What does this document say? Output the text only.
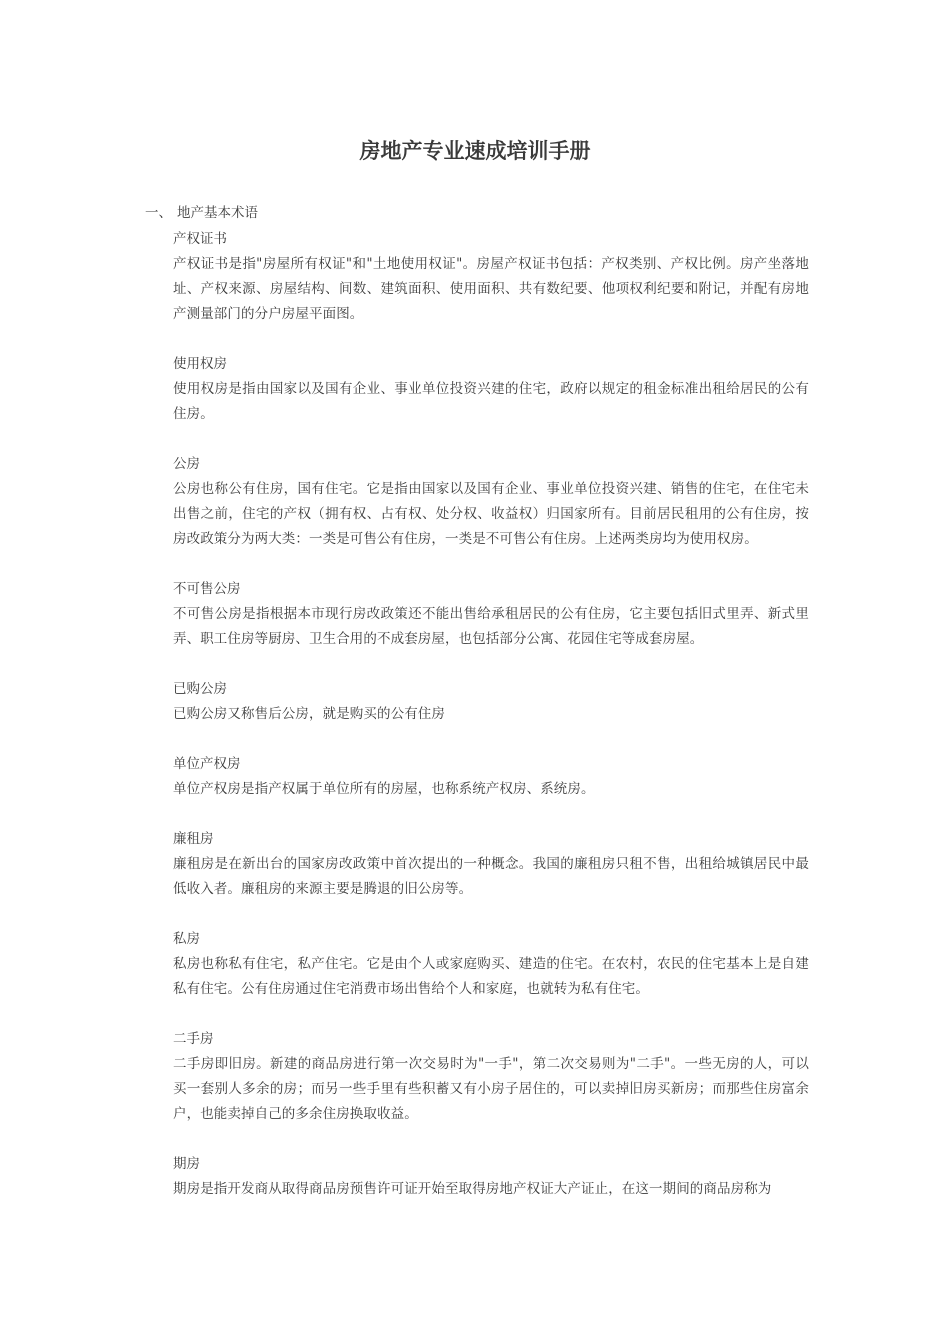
房地产专业速成培训手册

一、 地产基本术语

产权证书

产权证书是指"房屋所有权证"和"土地使用权证"。房屋产权证书包括：产权类别、产权比例。房产坐落地址、产权来源、房屋结构、间数、建筑面积、使用面积、共有数纪要、他项权利纪要和附记，并配有房地产测量部门的分户房屋平面图。

使用权房

使用权房是指由国家以及国有企业、事业单位投资兴建的住宅，政府以规定的租金标准出租给居民的公有住房。

公房

公房也称公有住房，国有住宅。它是指由国家以及国有企业、事业单位投资兴建、销售的住宅，在住宅未出售之前，住宅的产权（拥有权、占有权、处分权、收益权）归国家所有。目前居民租用的公有住房，按房改政策分为两大类：一类是可售公有住房，一类是不可售公有住房。上述两类房均为使用权房。

不可售公房

不可售公房是指根据本市现行房改政策还不能出售给承租居民的公有住房，它主要包括旧式里弄、新式里弄、职工住房等厨房、卫生合用的不成套房屋，也包括部分公寓、花园住宅等成套房屋。

已购公房

已购公房又称售后公房，就是购买的公有住房

单位产权房

单位产权房是指产权属于单位所有的房屋，也称系统产权房、系统房。

廉租房

廉租房是在新出台的国家房改政策中首次提出的一种概念。我国的廉租房只租不售，出租给城镇居民中最低收入者。廉租房的来源主要是腾退的旧公房等。

私房

私房也称私有住宅，私产住宅。它是由个人或家庭购买、建造的住宅。在农村，农民的住宅基本上是自建私有住宅。公有住房通过住宅消费市场出售给个人和家庭，也就转为私有住宅。

二手房

二手房即旧房。新建的商品房进行第一次交易时为"一手"，第二次交易则为"二手"。一些无房的人，可以买一套别人多余的房；而另一些手里有些积蓄又有小房子居住的，可以卖掉旧房买新房；而那些住房富余户，也能卖掉自己的多余住房换取收益。

期房

期房是指开发商从取得商品房预售许可证开始至取得房地产权证大产证止，在这一期间的商品房称为
